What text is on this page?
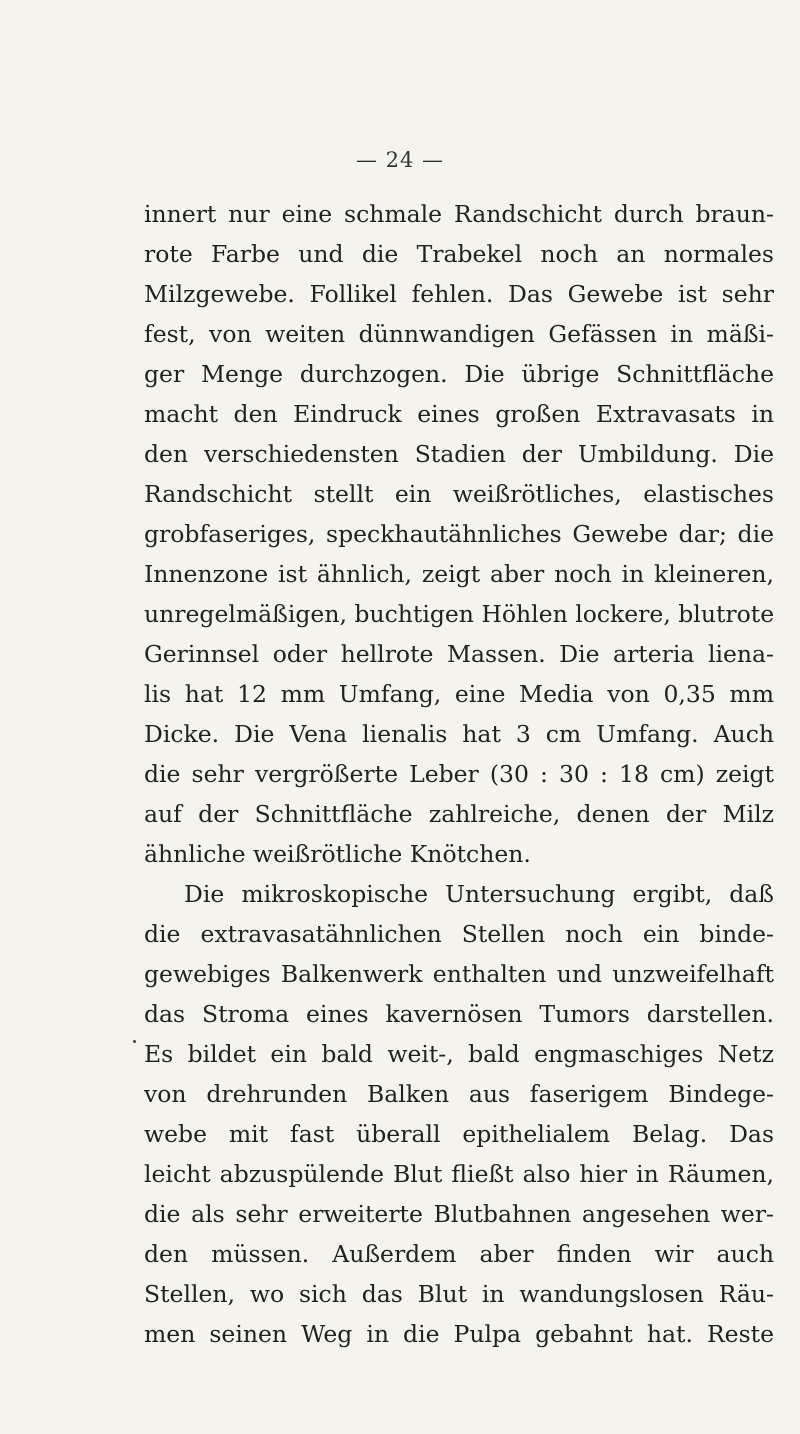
— 24 —
innert nur eine schmale Randschicht durch braun-
rote Farbe und die Trabekel noch an normales
Milzgewebe. Follikel fehlen. Das Gewebe ist sehr
fest, von weiten dünnwandigen Gefässen in mäßi-
ger Menge durchzogen. Die übrige Schnittfläche
macht den Eindruck eines großen Extravasats in
den verschiedensten Stadien der Umbildung. Die
Randschicht stellt ein weißrötliches, elastisches
grobfaseriges, speckhautähnliches Gewebe dar; die
Innenzone ist ähnlich, zeigt aber noch in kleineren,
unregelmäßigen, buchtigen Höhlen lockere, blutrote
Gerinnsel oder hellrote Massen. Die arteria liena-
lis hat 12 mm Umfang, eine Media von 0,35 mm
Dicke. Die Vena lienalis hat 3 cm Umfang. Auch
die sehr vergrößerte Leber (30 : 30 : 18 cm) zeigt
auf der Schnittfläche zahlreiche, denen der Milz
ähnliche weißrötliche Knötchen.
Die mikroskopische Untersuchung ergibt, daß
die extravasatähnlichen Stellen noch ein binde-
gewebiges Balkenwerk enthalten und unzweifelhaft
das Stroma eines kavernösen Tumors darstellen.
Es bildet ein bald weit-, bald engmaschiges Netz
von drehrunden Balken aus faserigem Bindege-
webe mit fast überall epithelialem Belag. Das
leicht abzuspülende Blut fließt also hier in Räumen,
die als sehr erweiterte Blutbahnen angesehen wer-
den müssen. Außerdem aber finden wir auch
Stellen, wo sich das Blut in wandungslosen Räu-
men seinen Weg in die Pulpa gebahnt hat. Reste
